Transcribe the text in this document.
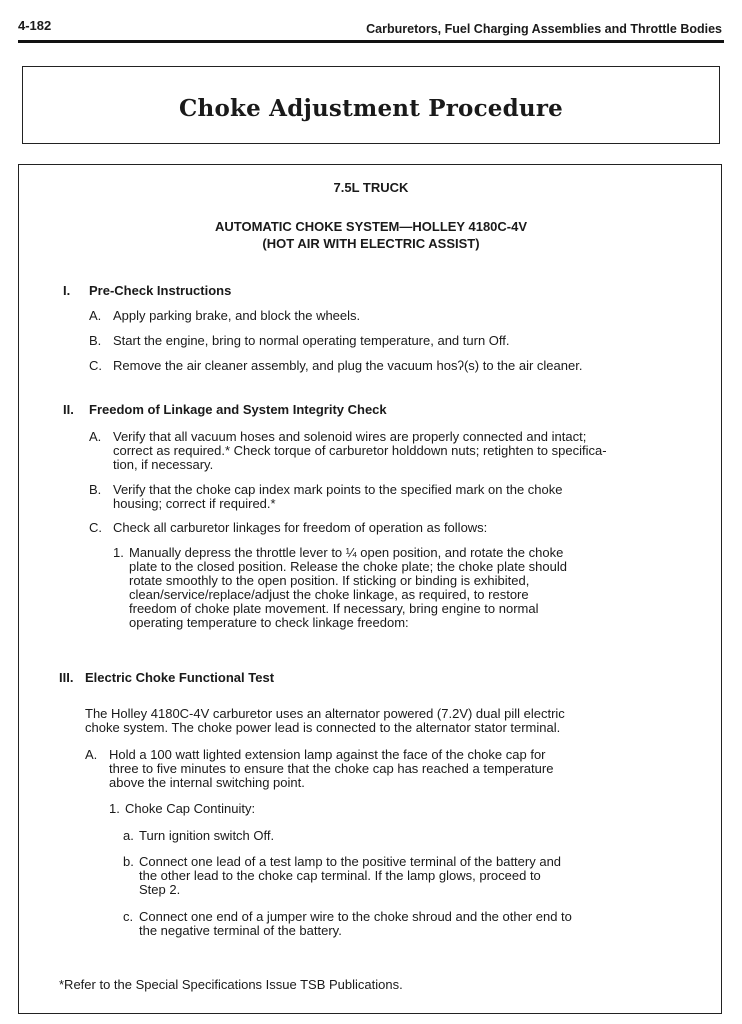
4-182	Carburetors, Fuel Charging Assemblies and Throttle Bodies
Choke Adjustment Procedure
7.5L TRUCK
AUTOMATIC CHOKE SYSTEM—HOLLEY 4180C-4V
(HOT AIR WITH ELECTRIC ASSIST)
I. Pre-Check Instructions
A. Apply parking brake, and block the wheels.
B. Start the engine, bring to normal operating temperature, and turn Off.
C. Remove the air cleaner assembly, and plug the vacuum hosʔ(s) to the air cleaner.
II. Freedom of Linkage and System Integrity Check
A. Verify that all vacuum hoses and solenoid wires are properly connected and intact;
correct as required.* Check torque of carburetor holddown nuts; retighten to specifica-
tion, if necessary.
B. Verify that the choke cap index mark points to the specified mark on the choke
housing; correct if required.*
C. Check all carburetor linkages for freedom of operation as follows:
1. Manually depress the throttle lever to ¼ open position, and rotate the choke
plate to the closed position. Release the choke plate; the choke plate should
rotate smoothly to the open position. If sticking or binding is exhibited,
clean/service/replace/adjust the choke linkage, as required, to restore
freedom of choke plate movement. If necessary, bring engine to normal
operating temperature to check linkage freedom:
III. Electric Choke Functional Test
The Holley 4180C-4V carburetor uses an alternator powered (7.2V) dual pill electric
choke system. The choke power lead is connected to the alternator stator terminal.
A. Hold a 100 watt lighted extension lamp against the face of the choke cap for
three to five minutes to ensure that the choke cap has reached a temperature
above the internal switching point.
1. Choke Cap Continuity:
a. Turn ignition switch Off.
b. Connect one lead of a test lamp to the positive terminal of the battery and
the other lead to the choke cap terminal. If the lamp glows, proceed to
Step 2.
c. Connect one end of a jumper wire to the choke shroud and the other end to
the negative terminal of the battery.
*Refer to the Special Specifications Issue TSB Publications.
